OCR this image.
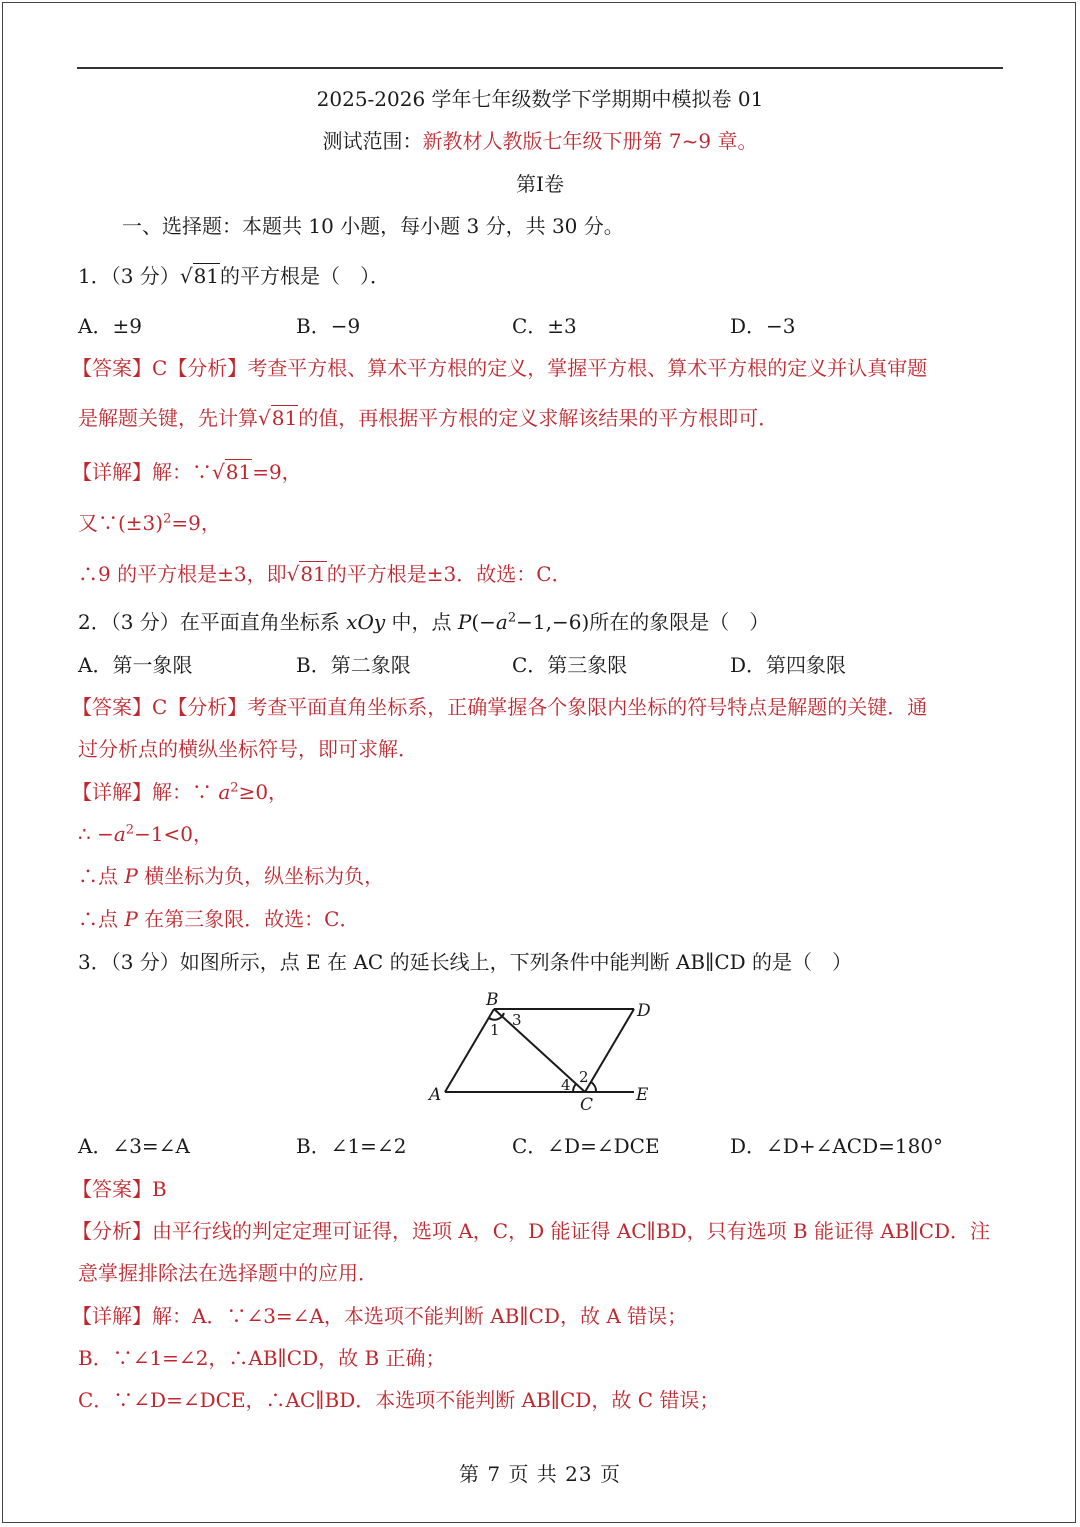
2025-2026 学年七年级数学下学期期中模拟卷 01
测试范围：新教材人教版七年级下册第 7~9 章。
第Ⅰ卷
一、选择题：本题共 10 小题，每小题 3 分，共 30 分。
1．（3 分）√81的平方根是（　）．
A．±9	B．−9	C．±3	D．−3
【答案】C【分析】考查平方根、算术平方根的定义，掌握平方根、算术平方根的定义并认真审题
是解题关键，先计算√81的值，再根据平方根的定义求解该结果的平方根即可．
【详解】解：∵√81=9，
又$\because(\pm 3)^2=9$，
∴9 的平方根是±3，即√81的平方根是±3．故选：C．
2．（3 分）在平面直角坐标系 xOy 中，点 $P(-a^2-1,-6)$所在的象限是（　）
A．第一象限	B．第二象限	C．第三象限	D．第四象限
【答案】C【分析】考查平面直角坐标系，正确掌握各个象限内坐标的符号特点是解题的关键．通
过分析点的横纵坐标符号，即可求解．
【详解】解：∵ $a^2\ge 0$，
∴ $-a^2-1<0$，
∴点 P 横坐标为负，纵坐标为负，
∴点 P 在第三象限．故选：C．
3．（3 分）如图所示，点 E 在 AC 的延长线上，下列条件中能判断 AB∥CD 的是（　）
B
D
A	C	E
1
3
4 2
A．∠3=∠A	B．∠1=∠2	C．∠D=∠DCE	D．∠D+∠ACD=180°
【答案】B
【分析】由平行线的判定定理可证得，选项 A，C，D 能证得 AC∥BD，只有选项 B 能证得 AB∥CD．注
意掌握排除法在选择题中的应用．
【详解】解：A．∵∠3=∠A，本选项不能判断 AB∥CD，故 A 错误；
B．∵∠1=∠2，∴AB∥CD，故 B 正确；
C．∵∠D=∠DCE，∴AC∥BD．本选项不能判断 AB∥CD，故 C 错误；
第 7 页 共 23 页
